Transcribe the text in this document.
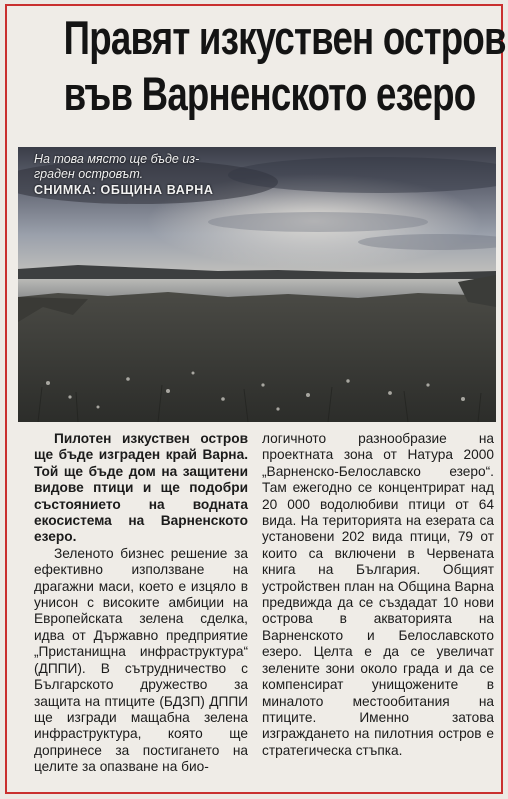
Правят изкуствен остров
във Варненското езеро
На това място ще бъде из-
граден островът.
СНИМКА: ОБЩИНА ВАРНА

Пилотен изкуствен остров ще бъде изграден край Варна. Той ще бъде дом на защитени видове птици и ще подобри състоянието на водната екосистема на Варненското езеро.

Зеленото бизнес решение за ефективно използване на драгажни маси, което е изцяло в унисон с високите амбиции на Европейската зелена сделка, идва от Държавно предприятие „Пристанищна инфраструктура“ (ДППИ). В сътрудничество с Българското дружество за защита на птиците (БДЗП) ДППИ ще изгради мащабна зелена инфраструктура, която ще допринесе за постигането на целите за опазване на био-

логичното разнообразие на проектната зона от Натура 2000 „Варненско-Белославско езеро“. Там ежегодно се концентрират над 20 000 водолюбиви птици от 64 вида. На територията на езерата са установени 202 вида птици, 79 от които са включени в Червената книга на България. Общият устройствен план на Община Варна предвижда да се създадат 10 нови острова в акваторията на Варненското и Белославското езеро. Целта е да се увеличат зелените зони около града и да се компенсират унищожените в миналото местообитания на птиците. Именно затова изграждането на пилотния остров е стратегическа стъпка.
